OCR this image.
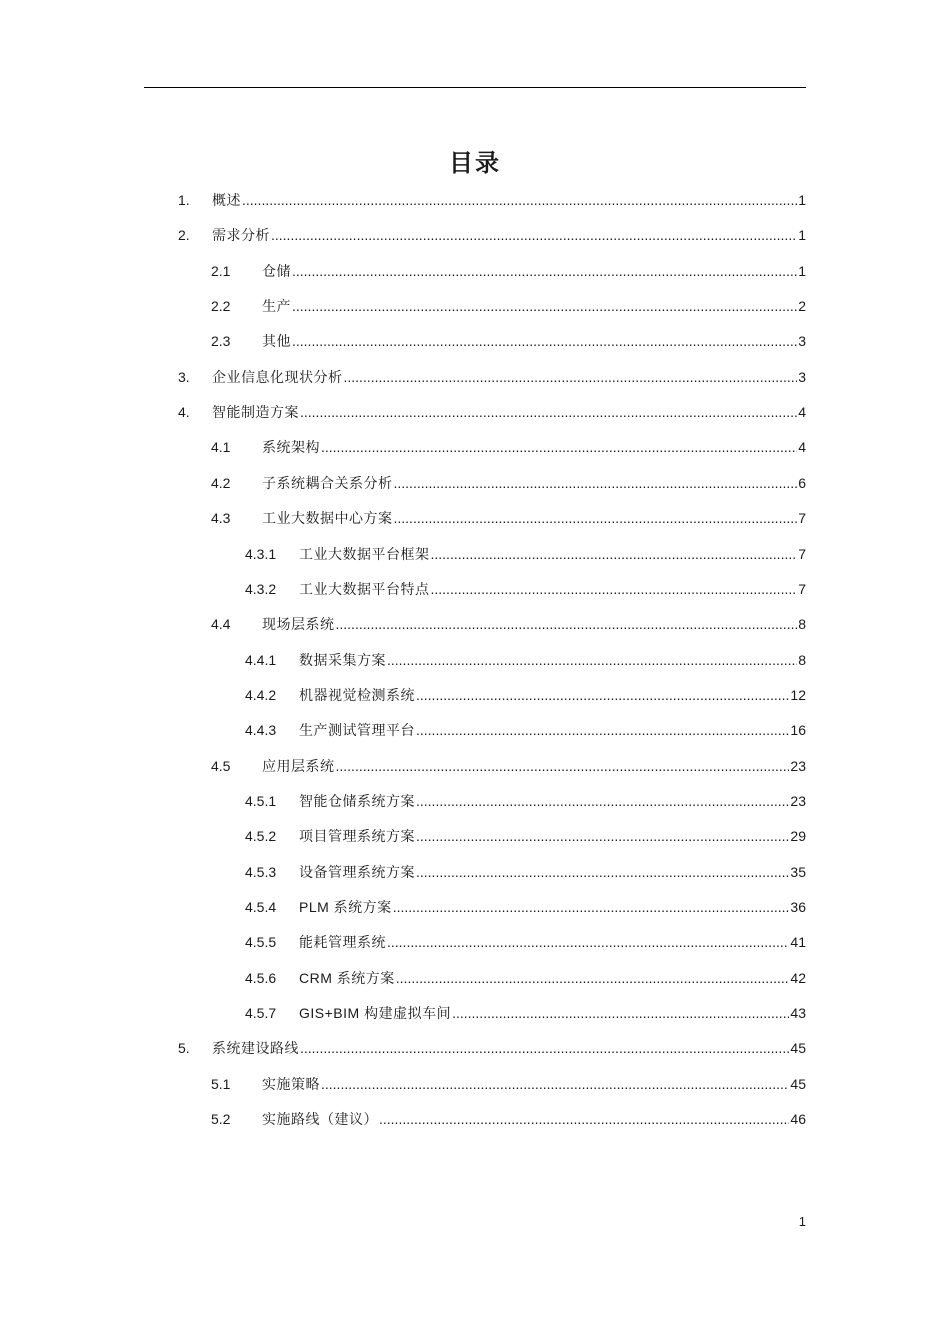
目录
1.	概述 .....	1
2.	需求分析 .....	1
2.1	仓储 .....	1
2.2	生产 .....	2
2.3	其他 .....	3
3.	企业信息化现状分析 .....	3
4.	智能制造方案 .....	4
4.1	系统架构 .....	4
4.2	子系统耦合关系分析 .....	6
4.3	工业大数据中心方案 .....	7
4.3.1	工业大数据平台框架 .....	7
4.3.2	工业大数据平台特点 .....	7
4.4	现场层系统 .....	8
4.4.1	数据采集方案 .....	8
4.4.2	机器视觉检测系统 .....	12
4.4.3	生产测试管理平台 .....	16
4.5	应用层系统 .....	23
4.5.1	智能仓储系统方案 .....	23
4.5.2	项目管理系统方案 .....	29
4.5.3	设备管理系统方案 .....	35
4.5.4	PLM 系统方案 .....	36
4.5.5	能耗管理系统 .....	41
4.5.6	CRM 系统方案 .....	42
4.5.7	GIS+BIM 构建虚拟车间 .....	43
5.	系统建设路线 .....	45
5.1	实施策略 .....	45
5.2	实施路线（建议） .....	46
1
